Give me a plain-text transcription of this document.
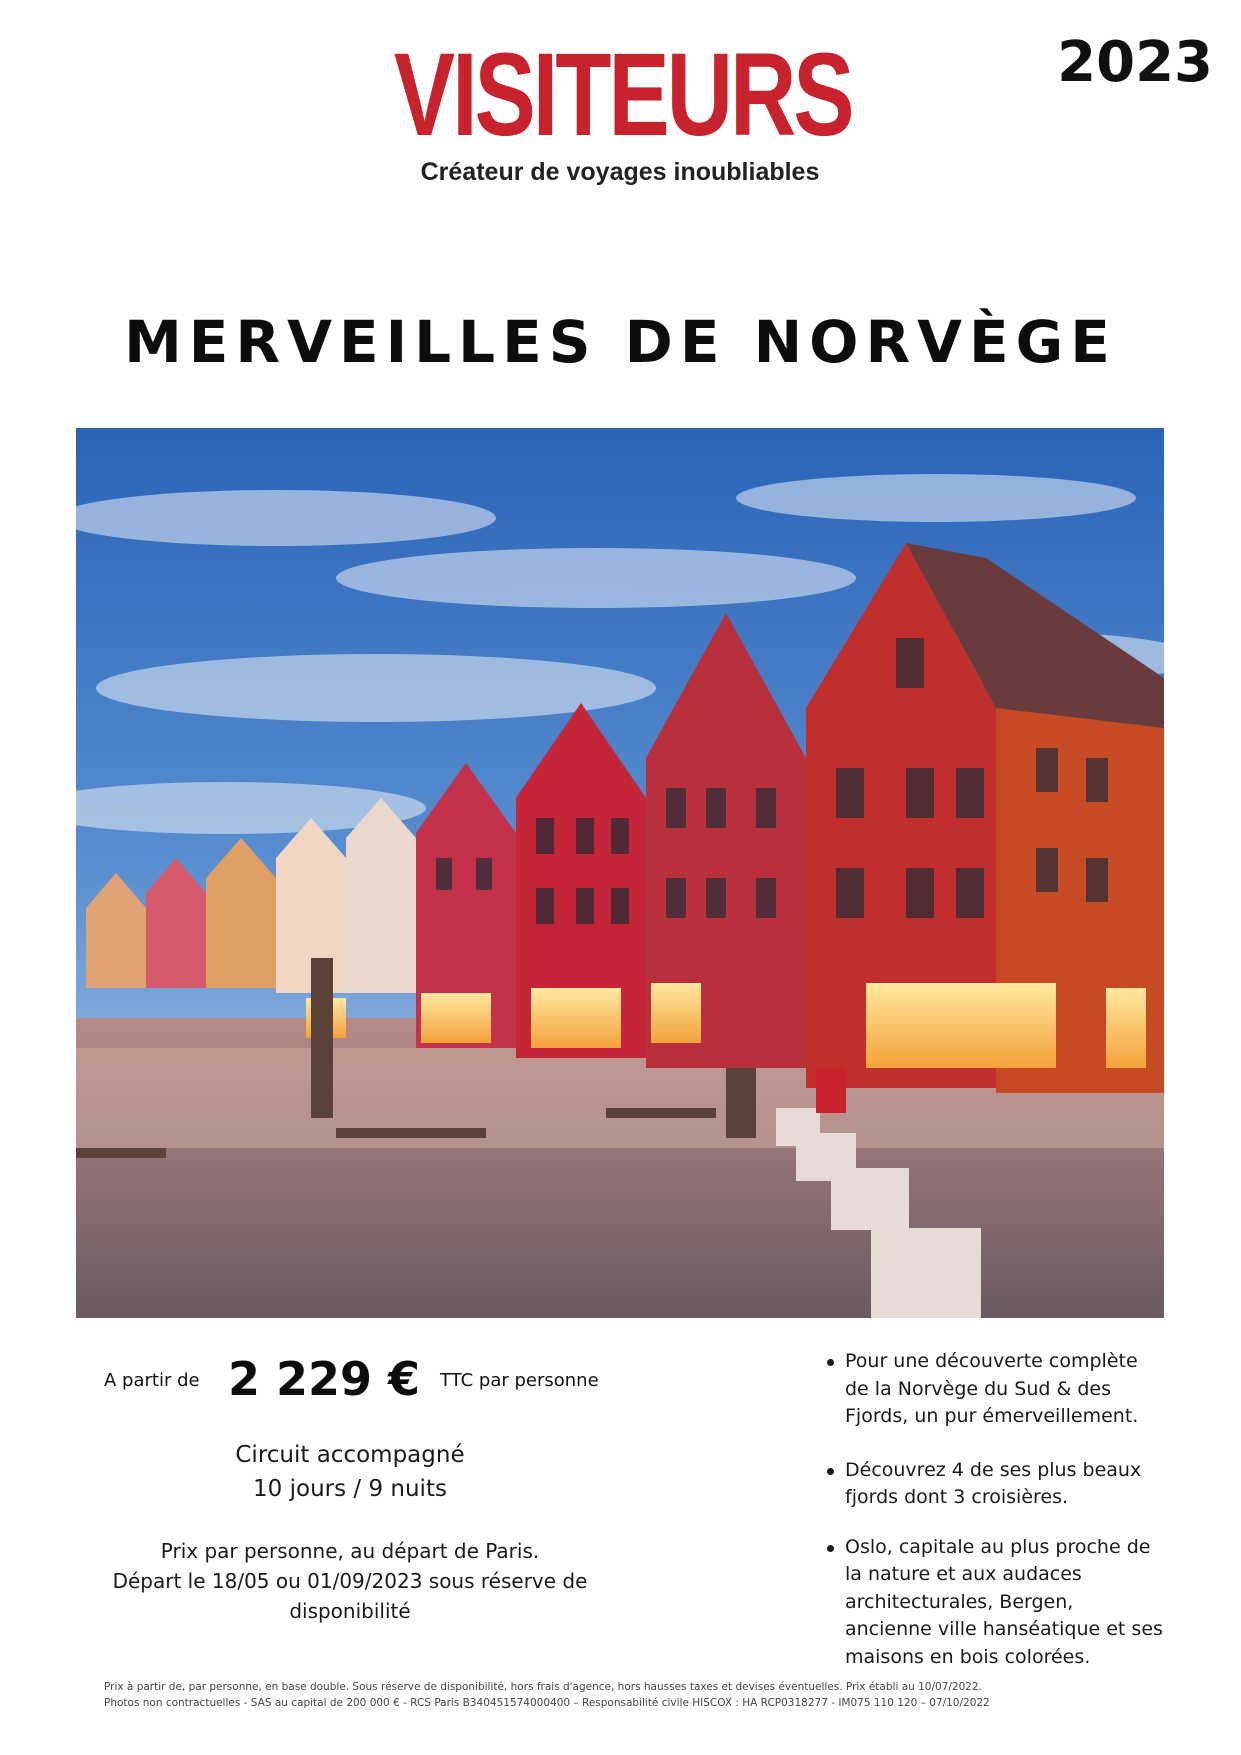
VISITEURS
Créateur de voyages inoubliables
2023
MERVEILLES DE NORVÈGE
A partir de 2 229 € TTC par personne
Circuit accompagné
10 jours / 9 nuits
Prix par personne, au départ de Paris.
Départ le 18/05 ou 01/09/2023 sous réserve de
disponibilité
Pour une découverte complète de la Norvège du Sud & des Fjords, un pur émerveillement.
Découvrez 4 de ses plus beaux fjords dont 3 croisières.
Oslo, capitale au plus proche de la nature et aux audaces architecturales, Bergen, ancienne ville hanséatique et ses maisons en bois colorées.
Prix à partir de, par personne, en base double. Sous réserve de disponibilité, hors frais d'agence, hors hausses taxes et devises éventuelles. Prix établi au 10/07/2022.
Photos non contractuelles - SAS au capital de 200 000 € - RCS Paris B340451574000400 – Responsabilité civile HISCOX : HA RCP0318277 - IM075 110 120 – 07/10/2022
